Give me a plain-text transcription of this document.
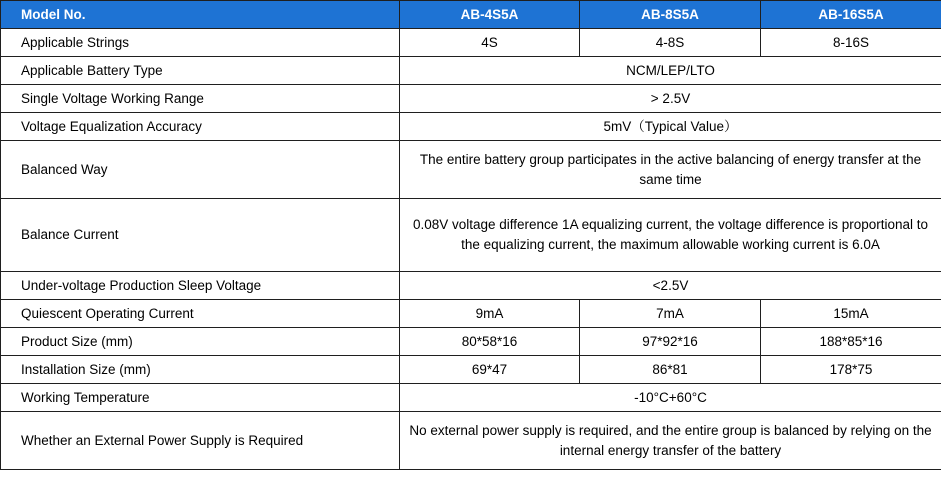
Model No.	AB-4S5A	AB-8S5A	AB-16S5A
Applicable Strings	4S	4-8S	8-16S
Applicable Battery Type	NCM/LEP/LTO		
Single Voltage Working Range	> 2.5V		
Voltage Equalization Accuracy	5mV（Typical Value）		
Balanced Way	The entire battery group participates in the active balancing of energy transfer at the same time		
Balance Current	0.08V voltage difference 1A equalizing current, the voltage difference is proportional to the equalizing current, the maximum allowable working current is 6.0A		
Under-voltage Production Sleep Voltage	<2.5V		
Quiescent Operating Current	9mA	7mA	15mA
Product Size (mm)	80*58*16	97*92*16	188*85*16
Installation Size (mm)	69*47	86*81	178*75
Working Temperature	-10°C+60°C		
Whether an External Power Supply is Required	No external power supply is required, and the entire group is balanced by relying on the internal energy transfer of the battery		
